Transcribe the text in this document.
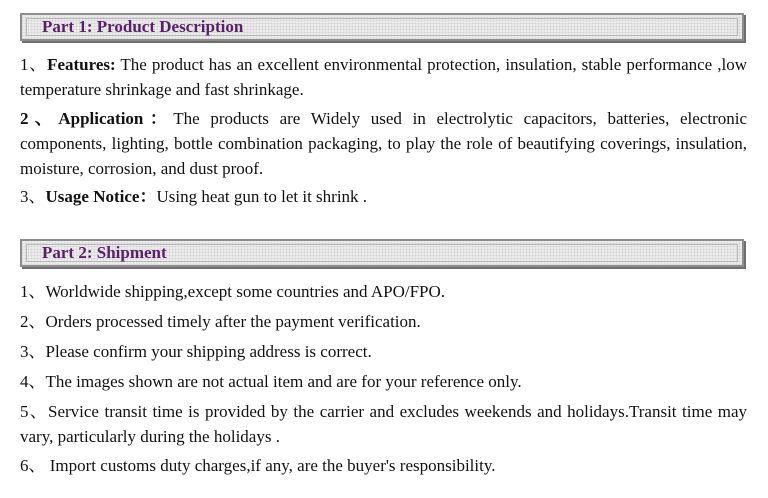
Part 1: Product Description

1、Features: The product has an excellent environmental protection, insulation, stable performance ,low temperature shrinkage and fast shrinkage.

2、Application：The products are Widely used in electrolytic capacitors, batteries, electronic components, lighting, bottle combination packaging, to play the role of beautifying coverings, insulation, moisture, corrosion, and dust proof.

3、Usage Notice：Using heat gun to let it shrink .

Part 2: Shipment

1、Worldwide shipping,except some countries and APO/FPO.

2、Orders processed timely after the payment verification.

3、Please confirm your shipping address is correct.

4、The images shown are not actual item and are for your reference only.

5、Service transit time is provided by the carrier and excludes weekends and holidays.Transit time may vary, particularly during the holidays .

6、 Import customs duty charges,if any, are the buyer's responsibility.
